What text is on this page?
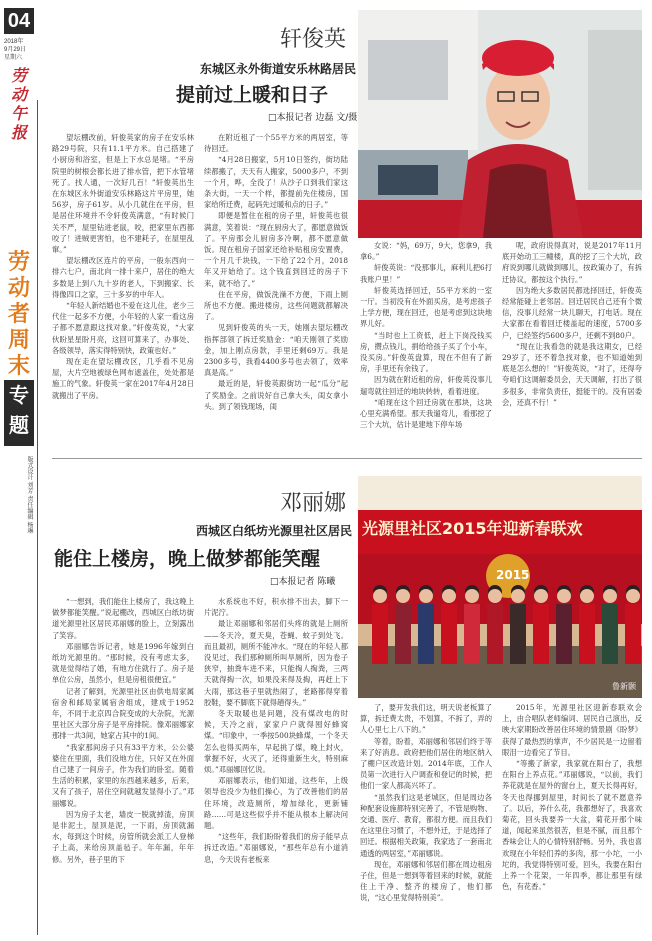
04
2018年
9月29日
星期六
劳
动
午
报
劳
动
者
周
末
专
题
版式设计 刘芳 责任编辑 杨琳
轩俊英
东城区永外街道安乐林路居民
提前过上暖和日子
□本报记者 边磊 文/摄

望坛棚改前，轩俊英家的房子在安乐林路29号院，只有11.1平方米。自己搭建了小厨房和浴室，但是上下水总是堵。“平房院里的树根会都长进了排水管，把下水管堵死了。找人通，一次好几百！”轩俊英出生在东城区永外街道安乐林路这片平房里，她56岁，房子61岁。从小几就住在平房，但是居住环境并不令轩俊英满意，“有时候门关不严，屋里钻进老鼠，咬，把家里东西都咬了！进贼更害怕，也不建耗子，在屋里乱窜。”

望坛棚改区连片的平房，一般东西向一排六七户，南北向一排十来户，居住的绝大多数是上到八九十岁的老人，下到搬家、长得像四口之家，三十多岁的中年人。

“年轻人新结婚也不爱在这儿住，老少三代住一起多不方便，小年轻的人家一看这房子都不愿意跟这找对象。”轩俊英说，“大家伙盼星星盼月亮，这回可算来了，办事处、各级领导，落实得特别快，政策也好。”

现在走在望坛棚改区，几乎看不见房屋，大片空地被绿色网布遮盖住，处处都是施工的气象。轩俊英一家在2017年4月28日就搬出了平房。

在附近租了一个55平方米的两居室，等待回迁。

“4月28日搬家，5月10日签约，街坊陆续都搬了，天天有人搬家，5000多户，不到一个月，哗，全没了！从沙子口到我们家这条大街，一天一个样，都提前先住楼房，国家给所迁费，起码先过暖和点的日子。”

即便是暂住在租的房子里，轩俊英也很满意，笑着说：“现在厨房大了，都愿意做饭了。平房那会儿厨房多冷啊，都不愿意做饭。现在租房子国家还给补贴租房安置费，一个月几千块钱，一下给了22个月，2018年又开始给了。这个钱直到回迁的房子下来，就不给了。”

住在平房，做饭洗澡不方便，下雨上厕所也不方便。搬进楼房，这些问题就都解决了。

见到轩俊英的头一天，她刚去望坛棚改指挥部领了拆迁奖励金：“咱天刚领了奖励金，加上刚点房款，手里还剩69万。我是2300多号，我看4400多号也去领了，效率真是高。”

最近的是，轩俊英跟街坊一起“瓜分”起了奖励金。之前说好自己拿大头，闺女拿小头。到了领钱现场，闺

女说：“妈，69万，9大，您拿9，我拿6。”

轩俊英说：“没那事儿，麻利儿把6打我账户里！”

轩俊英选择回迁，55平方米的一室一厅。当初没有在外面买房，是考虑孩子上学方便，现在回迁，也是考虑到这块地界儿好。

“当时也上工资低，赶上下岗没钱买房，攒点钱儿，捐给给孩子买了个小车，没买房。”轩俊英盘算，现在不但有了新房，手里还有余钱了。

因为就在附近租的房，轩俊英没事儿遛弯就往回迁的地块转转，看着进度。

“咱现在这个回迁房就在那块，这块心里充满希望。那天我遛弯儿，看那挖了三个大坑，估计是建地下停车场

呢，政府说得真对，说是2017年11月底开始动工三幢楼，真的挖了三个大坑，政府说到哪儿就做到哪儿，按政策办了，有拆迁协议，都按这个执行。”

因为绝大多数居民都选择回迁，轩俊英经常能碰上老邻居。回迁居民自己还有个微信，没事儿经常一块儿聊天，打电话。现在大家都在看着回迁楼盖起的速度，5700多户，已经签约5600多户，还剩不到80户。

“现在让我看急的就是我这期女，已经29岁了，还不着急找对象，也不知道她到底是怎么想的！”轩俊英说，“对了，还得夸夸咱们这调解委员会，天天调解，打出了很多很多，非常负责任，挺能干的。没有居委会，还真不行！”

邓丽娜
西城区白纸坊光源里社区居民
能住上楼房，晚上做梦都能笑醒
□本报记者 陈曦
光源里社区2015年迎新春联欢
2015
鲁新颢

“一想到，我们能住上楼房了，我这晚上做梦都能笑醒。”说起棚改，西城区白纸坊街道光源里社区居民邓丽娜的脸上，立刻露出了笑容。

邓丽娜告诉记者，她是1996年嫁到白纸坊光源里的。“那时候，没有考虑太多，就是觉得结了婚，有地方住就行了。房子是单位公房，虽然小，但是房租很便宜。”

记者了解到，光源里社区由供电局家属宿舍和邮局家属宿舍组成，建成于1952年，不同于北京四合院变成的大杂院，光源里社区大部分房子是平房排院。像邓丽娜家那排一共3间，她家占其中的1间。

“我家那间房子只有33平方米，公公婆婆住在里面，我们没地方住，只好又在外面自己建了一间房子，作为我们的卧室。随着生活的积累，家里的东西越来越多，后来，又有了孩子，居住空间就越发显得小了。”邓丽娜说。

因为房子太老，墙皮一脱就掉渣，房顶是非泥土，屋顶是泥，一下雨，房顶就漏水，每到这个时候，房管所就会派工人登梯子上高，来给房顶盖毡子。年年漏，年年修。另外，巷子里的下

水系统也不好，积水排不出去，脚下一片泥泞。

最让邓丽娜和邻居们头疼的就是上厕所——冬天冷，夏天臭，苍蝇、蚊子到处飞。而且最初，厕所不能冲水。“现在的年轻人都没见过，我们那种厕所叫旱厕所，因为卷子狭窄，抽粪车进不来，只能掏人掏粪，三两天就得掏一次，如果没来得及掏，再赶上下大雨，那这巷子里就热闹了，老路都得穿着胶鞋，要不脚底下就得趟得头。”

冬天取暖也是问题，没有煤改电的时候，天冷之前，家家户户就得囤好蜂窝煤。“印象中，一季按500块蜂煤，一个冬天怎么也得买两车，早起挑了煤，晚上封火，掌握不好，火灭了，还得重新生火，特别麻烦。”邓丽娜回忆说。

邓丽娜表示，他们知道，这些年，上级领导也没少为他们操心，为了改善他们的居住环境，改造厕所，增加绿化，更新铺路……可是这些似乎并不能从根本上解决问题。

“这些年，我们盼盼着我们的房子能早点拆迁改造。”邓丽娜说，“那些年总有小道消息，今天说有老板来

了，要开发我们这，明天说老板算了算，拆迁费太贵，不划算，不拆了，弄的人心里七上八下的。”

等着，盼着，邓丽娜和邻居们终于等来了好消息。政府把他们居住的地区纳入了棚户区改造计划。2014年底，工作人员第一次进行入户调查和登记的时候，把他们一家人都高兴坏了。

“虽然我们这是老城区，但是周边各种配套设施都特别完善了，不管是购物、交通、医疗、教育，都很方便。而且我们在这里住习惯了，不想外迁，于是选择了回迁。根据相关政策，我家选了一套南北通透的两居室，”邓丽娜说。

现在，邓丽娜和邻居们都在周边租房子住，但是一想到等着回来的时候，就能住上干净、整齐的楼房了，他们都说，“这心里觉得特别美”。

2015年，光源里社区迎新春联欢会上，由合唱队老师编词、居民自己演出，反映大家期盼改善居住环境的情景剧《盼梦》获得了最热烈的掌声，不少居民是一边留着眼泪一边看完了节目。

“等搬了新家，我家就在阳台了，我想在阳台上养点花。”邓丽娜说，“以前，我们养花就是在屋外的窗台上，夏天长得再好，冬天也得挪到屋里，时间长了就不愿意养了。以后，养什么花，我都想好了，我喜欢菊花，回头我要养一大盆，菊花开那个味道，闻起来虽然很苦，但是不腻，而且那个香味会让人的心情特别舒畅。另外，我也喜欢现在小年轻们养的多肉，那一小坨，一小坨的，我觉得特别可爱，回头，我要在阳台上养一个花架，一年四季，都让那里有绿色，有花香。”
